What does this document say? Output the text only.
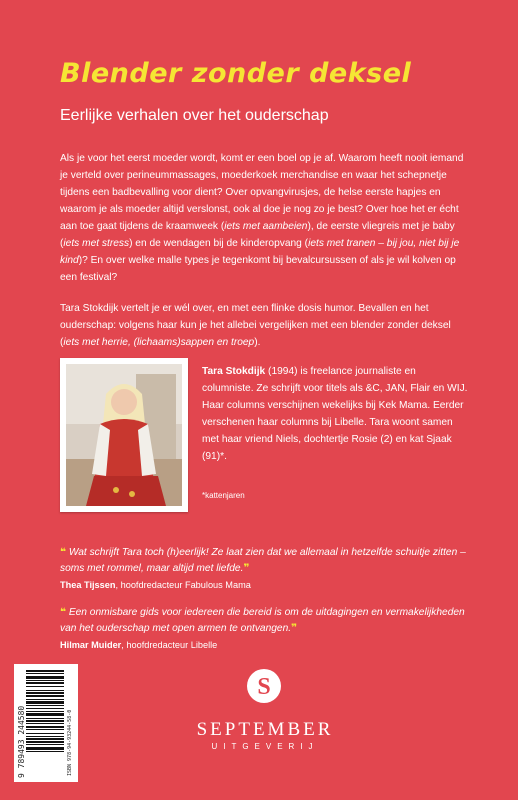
Blender zonder deksel
Eerlijke verhalen over het ouderschap
Als je voor het eerst moeder wordt, komt er een boel op je af. Waarom heeft nooit iemand je verteld over perineummassages, moederkoek merchandise en waar het schepnetje tijdens een badbevalling voor dient? Over opvangvirusjes, de helse eerste hapjes en waarom je als moeder altijd verslonst, ook al doe je nog zo je best? Over hoe het er écht aan toe gaat tijdens de kraamweek (iets met aambeien), de eerste vliegreis met je baby (iets met stress) en de wendagen bij de kinderopvang (iets met tranen – bij jou, niet bij je kind)? En over welke malle types je tegenkomt bij bevalcursussen of als je wil kolven op een festival?
Tara Stokdijk vertelt je er wél over, en met een flinke dosis humor. Bevallen en het ouderschap: volgens haar kun je het allebei vergelijken met een blender zonder deksel (iets met herrie, (lichaams)sappen en troep).
Tara Stokdijk (1994) is freelance journaliste en columniste. Ze schrijft voor titels als &C, JAN, Flair en WIJ. Haar columns verschijnen wekelijks bij Kek Mama. Eerder verschenen haar columns bij Libelle. Tara woont samen met haar vriend Niels, dochtertje Rosie (2) en kat Sjaak (91)*.
*kattenjaren
❝ Wat schrijft Tara toch (h)eerlijk! Ze laat zien dat we allemaal in hetzelfde schuitje zitten – soms met rommel, maar altijd met liefde.❞
Thea Tijssen, hoofdredacteur Fabulous Mama
❝ Een onmisbare gids voor iedereen die bereid is om de uitdagingen en vermakelijkheden van het ouderschap met open armen te ontvangen.❞
Hilmar Muider, hoofdredacteur Libelle
9 789493 244580	ISBN 978-94-93244-58-0
S
SEPTEMBER
UITGEVERIJ
